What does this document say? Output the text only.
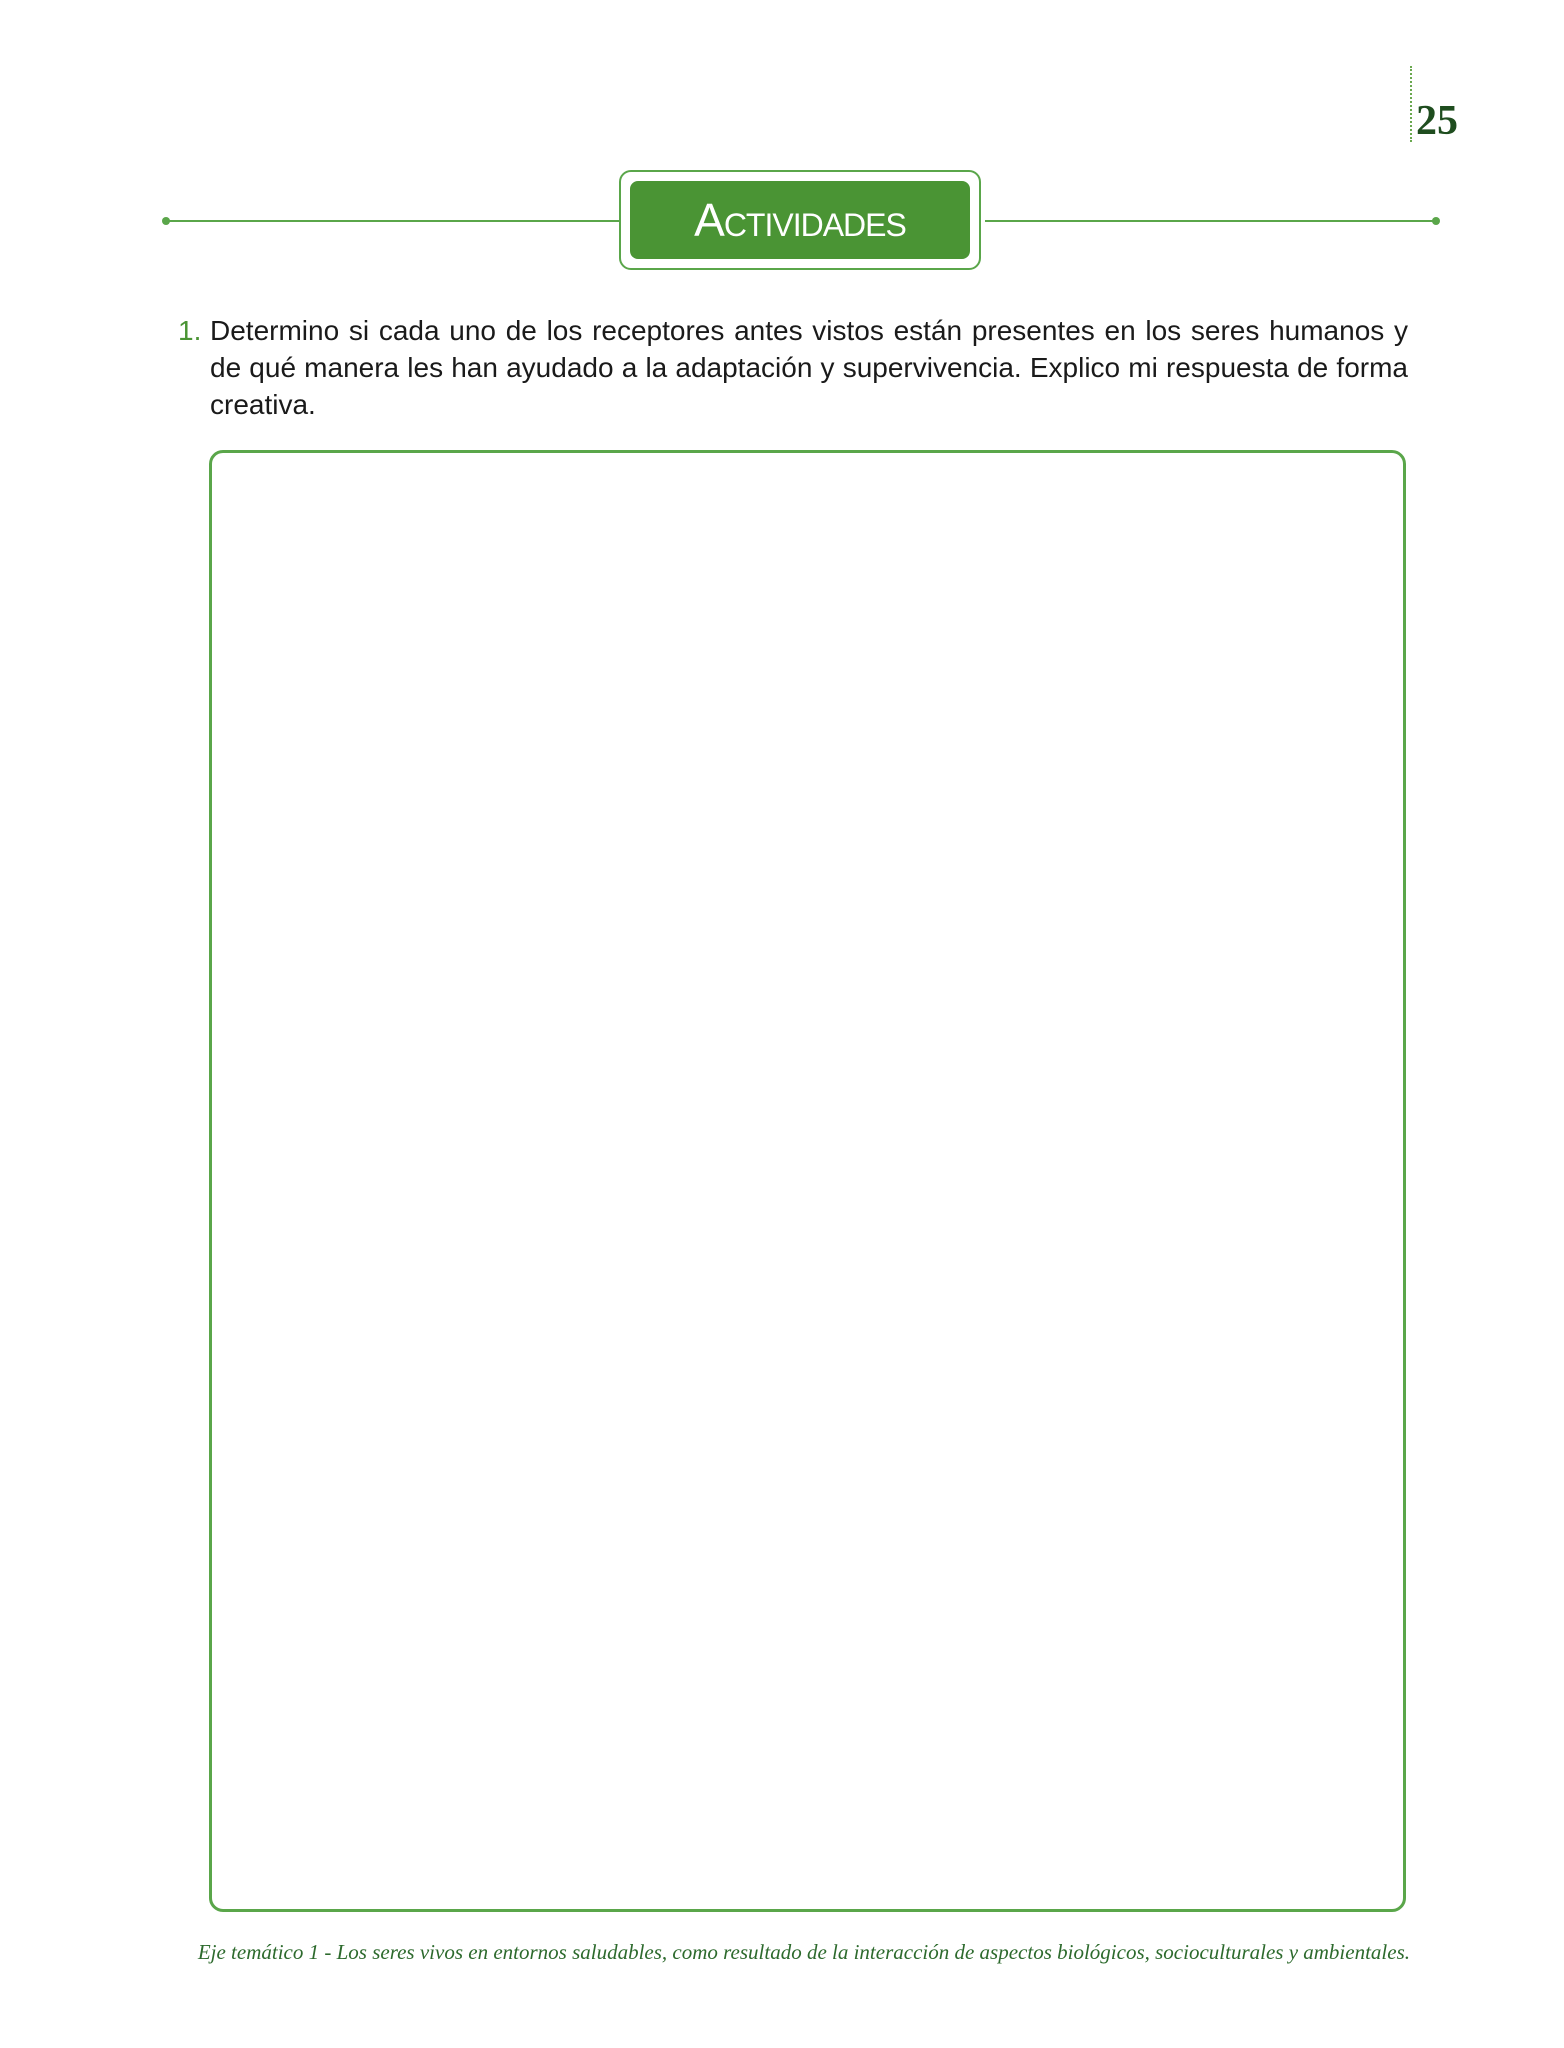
25
Actividades
1. Determino si cada uno de los receptores antes vistos están presentes en los seres humanos y de qué manera les han ayudado a la adaptación y supervivencia. Explico mi respuesta de forma creativa.
Eje temático 1 - Los seres vivos en entornos saludables, como resultado de la interacción de aspectos biológicos, socioculturales y ambientales.
